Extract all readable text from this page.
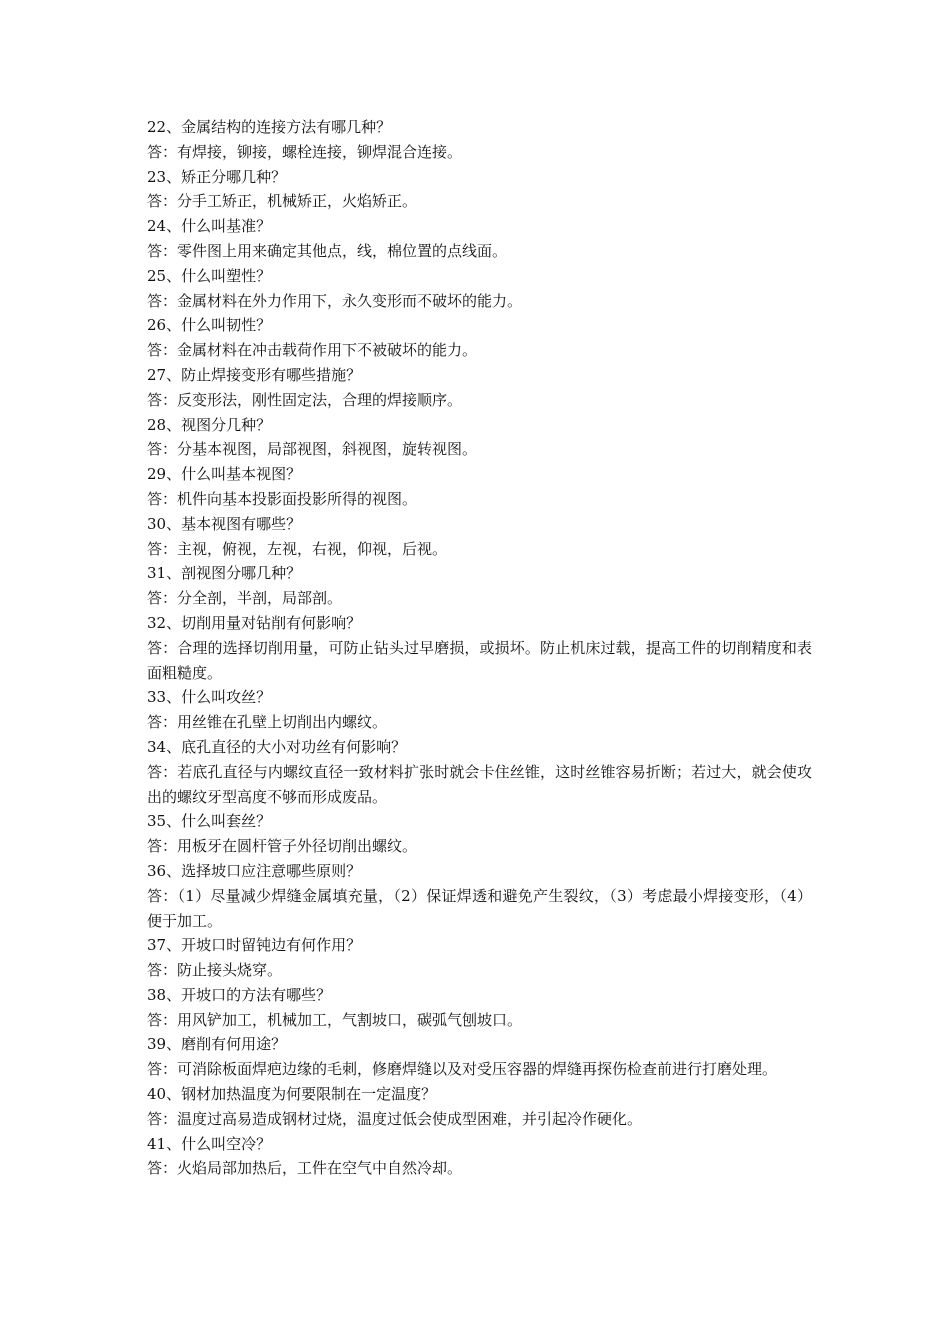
22、金属结构的连接方法有哪几种？

答：有焊接，铆接，螺栓连接，铆焊混合连接。

23、矫正分哪几种？

答：分手工矫正，机械矫正，火焰矫正。

24、什么叫基准？

答：零件图上用来确定其他点，线，棉位置的点线面。

25、什么叫塑性？

答：金属材料在外力作用下，永久变形而不破坏的能力。

26、什么叫韧性？

答：金属材料在冲击载荷作用下不被破坏的能力。

27、防止焊接变形有哪些措施？

答：反变形法，刚性固定法，合理的焊接顺序。

28、视图分几种？

答：分基本视图，局部视图，斜视图，旋转视图。

29、什么叫基本视图？

答：机件向基本投影面投影所得的视图。

30、基本视图有哪些？

答：主视，俯视，左视，右视，仰视，后视。

31、剖视图分哪几种？

答：分全剖，半剖，局部剖。

32、切削用量对钻削有何影响？

答：合理的选择切削用量，可防止钻头过早磨损，或损坏。防止机床过载，提高工件的切削精度和表面粗糙度。

33、什么叫攻丝？

答：用丝锥在孔壁上切削出内螺纹。

34、底孔直径的大小对功丝有何影响？

答：若底孔直径与内螺纹直径一致材料扩张时就会卡住丝锥，这时丝锥容易折断；若过大，就会使攻出的螺纹牙型高度不够而形成废品。

35、什么叫套丝？

答：用板牙在圆杆管子外径切削出螺纹。

36、选择坡口应注意哪些原则？

答：（1）尽量减少焊缝金属填充量，（2）保证焊透和避免产生裂纹，（3）考虑最小焊接变形，（4）便于加工。

37、开坡口时留钝边有何作用？

答：防止接头烧穿。

38、开坡口的方法有哪些？

答：用风铲加工，机械加工，气割坡口，碳弧气刨坡口。

39、磨削有何用途？

答：可消除板面焊疤边缘的毛刺，修磨焊缝以及对受压容器的焊缝再探伤检查前进行打磨处理。

40、钢材加热温度为何要限制在一定温度？

答：温度过高易造成钢材过烧，温度过低会使成型困难，并引起冷作硬化。

41、什么叫空冷？

答：火焰局部加热后，工件在空气中自然冷却。
